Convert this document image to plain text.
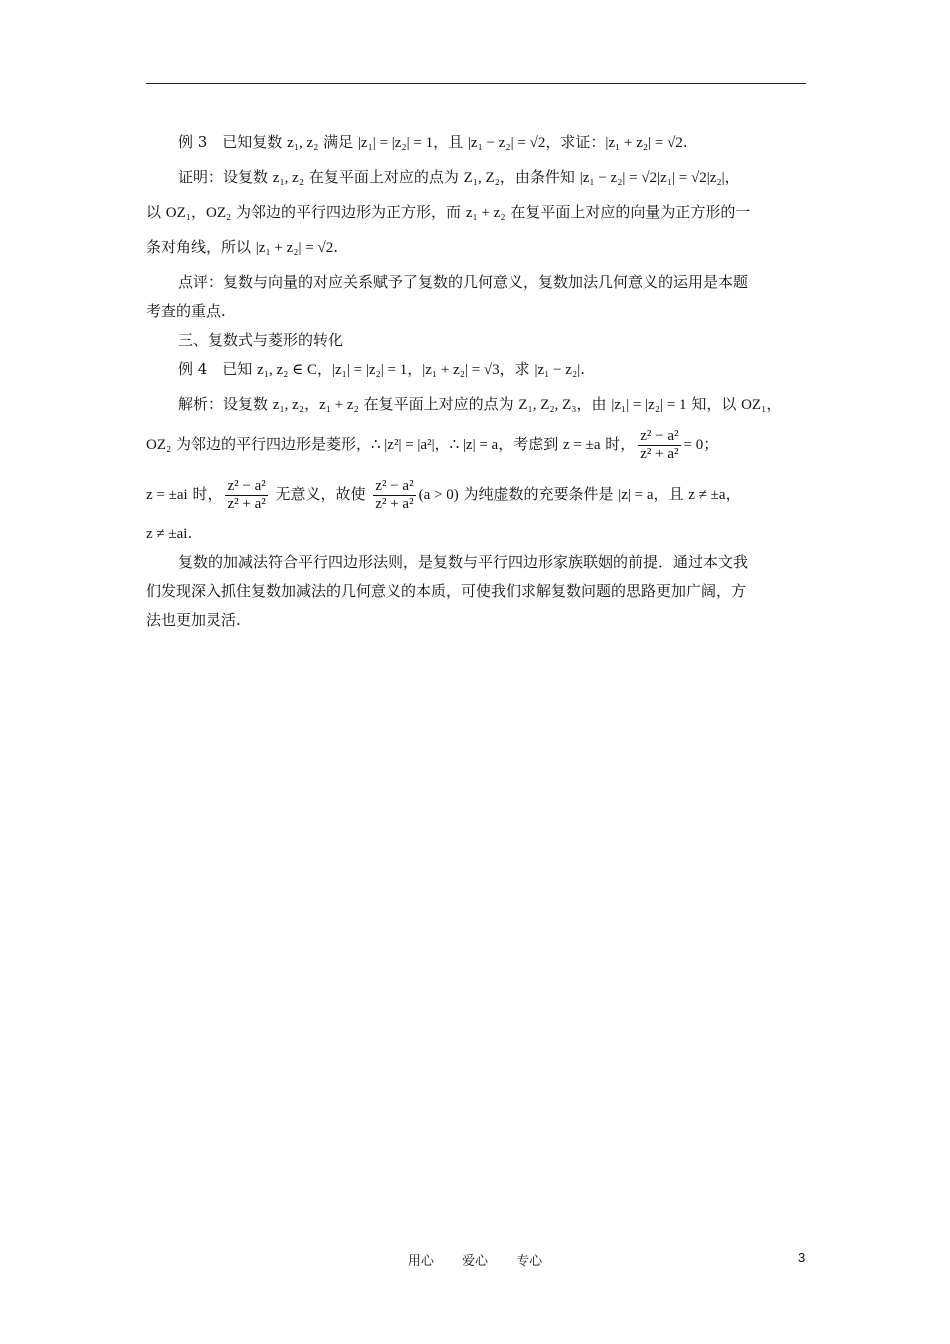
例 3　已知复数 z₁, z₂ 满足 |z₁| = |z₂| = 1，且 |z₁ − z₂| = √2，求证：|z₁ + z₂| = √2.
证明：设复数 z₁, z₂ 在复平面上对应的点为 Z₁, Z₂，由条件知 |z₁ − z₂| = √2|z₁| = √2|z₂|，
以 OZ₁，OZ₂ 为邻边的平行四边形为正方形，而 z₁ + z₂ 在复平面上对应的向量为正方形的一
条对角线，所以 |z₁ + z₂| = √2.
点评：复数与向量的对应关系赋予了复数的几何意义，复数加法几何意义的运用是本题
考查的重点.
三、复数式与菱形的转化
例 4　已知 z₁, z₂ ∈ C，|z₁| = |z₂| = 1，|z₁ + z₂| = √3，求 |z₁ − z₂|.
解析：设复数 z₁, z₂，z₁ + z₂ 在复平面上对应的点为 Z₁, Z₂, Z₃，由 |z₁| = |z₂| = 1 知，以 OZ₁，
OZ₂ 为邻边的平行四边形是菱形，∴ |z²| = |a²|，∴ |z| = a，考虑到 z = ±a 时， $\frac{\text{z² − a²}}{\text{z² + a²}} = 0$；
z = ±ai 时， $\frac{\text{z² − a²}}{\text{z² + a²}}$ 无意义，故使 $\frac{\text{z² − a²}}{\text{z² + a²}} (a > 0)$ 为纯虚数的充要条件是 |z| = a，且 z ≠ ±a，
z ≠ ±ai.
复数的加减法符合平行四边形法则，是复数与平行四边形家族联姻的前提．通过本文我
们发现深入抓住复数加减法的几何意义的本质，可使我们求解复数问题的思路更加广阔，方
法也更加灵活.
用心 爱心 专心	3
